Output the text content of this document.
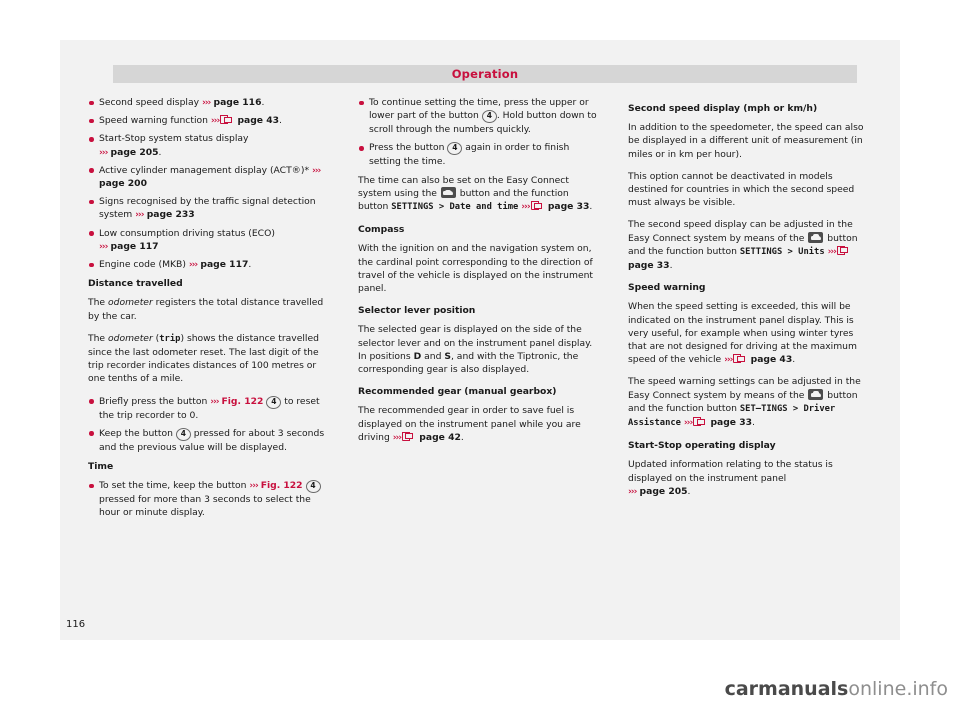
Operation
Second speed display ››› page 116.
Speed warning function ››› page 43.
Start-Stop system status display
››› page 205.
Active cylinder management display (ACT®)* ››› page 200
Signs recognised by the traffic signal detection system ››› page 233
Low consumption driving status (ECO)
››› page 117
Engine code (MKB) ››› page 117.

Distance travelled

The odometer registers the total distance travelled by the car.

The odometer (trip) shows the distance travelled since the last odometer reset. The last digit of the trip recorder indicates distances of 100 metres or one tenths of a mile.

Briefly press the button ››› Fig. 122 4 to reset the trip recorder to 0.
Keep the button 4 pressed for about 3 seconds and the previous value will be displayed.

Time

To set the time, keep the button ››› Fig. 122 4 pressed for more than 3 seconds to select the hour or minute display.
To continue setting the time, press the upper or lower part of the button 4 . Hold button down to scroll through the numbers quickly.
Press the button 4 again in order to finish setting the time.

The time can also be set on the Easy Connect system using the  button and the function button SETTINGS > Date and time ››› page 33.

Compass

With the ignition on and the navigation system on, the cardinal point corresponding to the direction of travel of the vehicle is displayed on the instrument panel.

Selector lever position

The selected gear is displayed on the side of the selector lever and on the instrument panel display. In positions D and S, and with the Tiptronic, the corresponding gear is also displayed.

Recommended gear (manual gearbox)

The recommended gear in order to save fuel is displayed on the instrument panel while you are driving ››› page 42.

Second speed display (mph or km/h)

In addition to the speedometer, the speed can also be displayed in a different unit of measurement (in miles or in km per hour).

This option cannot be deactivated in models destined for countries in which the second speed must always be visible.

The second speed display can be adjusted in the Easy Connect system by means of the  button and the function button SETTINGS > Units ››› page 33.

Speed warning

When the speed setting is exceeded, this will be indicated on the instrument panel display. This is very useful, for example when using winter tyres that are not designed for driving at the maximum speed of the vehicle ››› page 43.

The speed warning settings can be adjusted in the Easy Connect system by means of the  button and the function button SET–TINGS > Driver Assistance ››› page 33.

Start-Stop operating display

Updated information relating to the status is displayed on the instrument panel
››› page 205.

116
carmanualsonline.info
